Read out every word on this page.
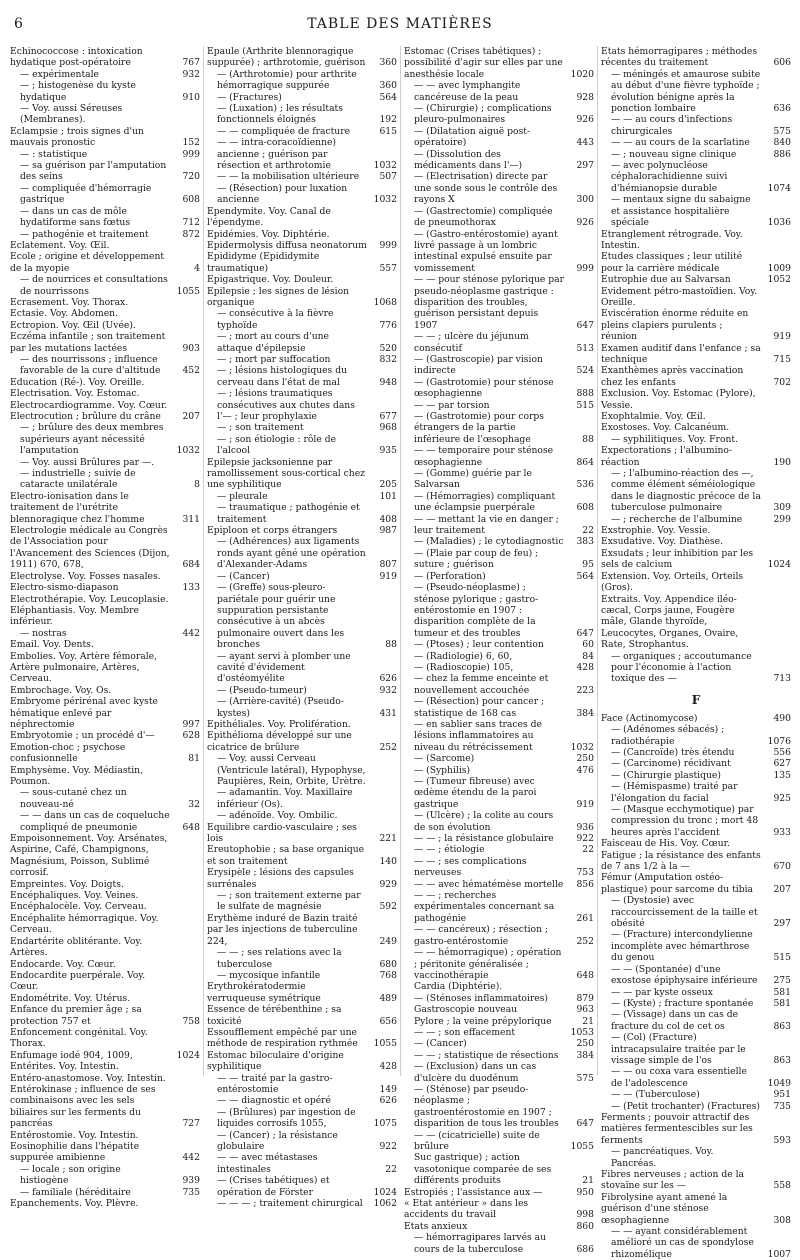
6	TABLE DES MATIÈRES
Echinococcose : intoxication hydatique post-opératoire	767
— expérimentale	932
— ; histogenèse du kyste hydatique	910
— Voy. aussi Séreuses (Membranes).
Eclampsie ; trois signes d'un mauvais pronostic	152
— : statistique	999
— sa guérison par l'amputation des seins	720
— compliquée d'hémorragie gastrique	608
— dans un cas de môle hydatiforme sans fœtus	712
— pathogénie et traitement	872
Eclatement. Voy. Œil.
Ecole ; origine et développement de la myopie	4
— de nourrices et consultations de nourrissons	1055
Ecrasement. Voy. Thorax.
Ectasie. Voy. Abdomen.
Ectropion. Voy. Œil (Uvée).
Eczéma infantile ; son traitement par les mutations lactées	903
— des nourrissons ; influence favorable de la cure d'altitude	452
Education (Ré-). Voy. Oreille.
Electrisation. Voy. Estomac.
Electrocardiogramme. Voy. Cœur.
Electrocution ; brûlure du crâne	207
— ; brûlure des deux membres supérieurs ayant nécessité l'amputation	1032
— Voy. aussi Brûlures par —.
— industrielle ; suivie de cataracte unilatérale	8
Electro-ionisation dans le traitement de l'urétrite blennoragique chez l'homme	311
Electrologie médicale au Congrès de l'Association pour l'Avancement des Sciences (Dijon, 1911) 670, 678,	684
Electrolyse. Voy. Fosses nasales.
Electro-sismo-diapason	133
Electrothérapie. Voy. Leucoplasie.
Eléphantiasis. Voy. Membre inférieur.
— nostras	442
Email. Voy. Dents.
Embolies. Voy. Artère fémorale, Artère pulmonaire, Artères, Cerveau.
Embrochage. Voy. Os.
Embryome périrénal avec kyste hématique enlevé par néphrectomie	997
Embryotomie ; un procédé d'—	628
Emotion-choc ; psychose confusionnelle	81
Emphysème. Voy. Médiastin, Poumon.
— sous-cutané chez un nouveau-né	32
— — dans un cas de coqueluche compliqué de pneumonie	648
Empoisonnement. Voy. Arsénates, Aspirine, Café, Champignons, Magnésium, Poisson, Sublimé corrosif.
Empreintes. Voy. Doigts.
Encéphaliques. Voy. Veines.
Encéphalocèle. Voy. Cerveau.
Encéphalite hémorragique. Voy. Cerveau.
Endartérite oblitérante. Voy. Artères.
Endocarde. Voy. Cœur.
Endocardite puerpérale. Voy. Cœur.
Endométrite. Voy. Utérus.
Enfance du premier âge ; sa protection 757 et	758
Enfoncement congénital. Voy. Thorax.
Enfumage iodé 904, 1009,	1024
Entérites. Voy. Intestin.
Entéro-anastomose. Voy. Intestin.
Entérokinase ; influence de ses combinaisons avec les sels biliaires sur les ferments du pancréas	727
Entérostomie. Voy. Intestin.
Eosinophilie dans l'hépatite suppurée amibienne	442
— locale ; son origine histiogène	939
— familiale (héréditaire	735
Epanchements. Voy. Plèvre.
Epaule (Arthrite blennoragique suppurée) ; arthrotomie, guérison	360
— (Arthrotomie) pour arthrite hémorragique suppurée	360
— (Fractures)	564
— (Luxation) ; les résultats fonctionnels éloignés	192
— — compliquée de fracture	615
— — intra-coracoïdienne) ancienne ; guérison par résection et arthrotomie	1032
— — la mobilisation ultérieure	507
— (Résection) pour luxation ancienne	1032
Ependymite. Voy. Canal de l'épendyme.
Epidémies. Voy. Diphtérie.
Epidermolysis diffusa neonatorum	999
Epididyme (Epididymite traumatique)	557
Epigastrique. Voy. Douleur.
Epilepsie ; les signes de lésion organique	1068
— consécutive à la fièvre typhoïde	776
— ; mort au cours d'une attaque d'épilepsie	520
— ; mort par suffocation	832
— ; lésions histologiques du cerveau dans l'état de mal	948
— ; lésions traumatiques consécutives aux chutes dans l'— ; leur prophylaxie	677
— ; son traitement	968
— ; son étiologie : rôle de l'alcool	935
Epilepsie jacksonienne par ramollissement sous-cortical chez une syphilitique	205
— pleurale	101
— traumatique ; pathogénie et traitement	408
Epiploon et corps étrangers	987
— (Adhérences) aux ligaments ronds ayant gêné une opération d'Alexander-Adams	807
— (Cancer)	919
— (Greffe) sous-pleuro-pariétale pour guérir une suppuration persistante consécutive à un abcès pulmonaire ouvert dans les bronches	88
— ayant servi à plomber une cavité d'évidement d'ostéomyélite	626
— (Pseudo-tumeur)	932
— (Arrière-cavité) (Pseudo-kystes)	431
Epithéliales. Voy. Prolifération.
Epithélioma développé sur une cicatrice de brûlure	252
— Voy. aussi Cerveau (Ventricule latéral), Hypophyse, Paupières, Rein, Orbite, Urètre.
— adamantin. Voy. Maxillaire inférieur (Os).
— adénoïde. Voy. Ombilic.
Equilibre cardio-vasculaire ; ses lois	221
Ereutophobie ; sa base organique et son traitement	140
Erysipèle ; lésions des capsules surrénales	929
— ; son traitement externe par le sulfate de magnésie	592
Erythème induré de Bazin traité par les injections de tuberculine 224,	249
— — ; ses relations avec la tuberculose	680
— mycosique infantile	768
Erythrokératodermie verruqueuse symétrique	489
Essence de térébenthine ; sa toxicité	656
Essoufflement empêché par une méthode de respiration rythmée	1055
Estomac biloculaire d'origine syphilitique	428
— — traité par la gastro-entérostomie	149
— — diagnostic et opéré	626
— (Brûlures) par ingestion de liquides corrosifs 1055,	1075
— (Cancer) ; la résistance globulaire	922
— — avec métastases intestinales	22
— (Crises tabétiques) et opération de Förster	1024
— — — ; traitement chirurgical	1062
Estomac (Crises tabétiques) ; possibilité d'agir sur elles par une anesthésie locale	1020
— — avec lymphangite cancéreuse de la peau	928
— (Chirurgie) ; complications pleuro-pulmonaires	926
— (Dilatation aiguë post-opératoire)	443
— (Dissolution des médicaments dans l'—)	297
— (Electrisation) directe par une sonde sous le contrôle des rayons X	300
— (Gastrectomie) compliquée de pneumothorax	926
— (Gastro-entérostomie) ayant livré passage à un lombric intestinal expulsé ensuite par vomissement	999
— — pour sténose pylorique par pseudo-néoplasme gastrique : disparition des troubles, guérison persistant depuis 1907	647
— — ; ulcère du jéjunum consécutif	513
— (Gastroscopie) par vision indirecte	524
— (Gastrotomie) pour sténose œsophagienne	888
— — par torsion	515
— (Gastrotomie) pour corps étrangers de la partie inférieure de l'œsophage	88
— — temporaire pour sténose œsophagienne	864
— (Gomme) guérie par le Salvarsan	536
— (Hémorragies) compliquant une éclampsie puerpérale	608
— — mettant la vie en danger ; leur traitement	22
— (Maladies) ; le cytodiagnostic	383
— (Plaie par coup de feu) ; suture ; guérison	95
— (Perforation)	564
— (Pseudo-néoplasme) ; sténose pylorique ; gastro-entérostomie en 1907 : disparition complète de la tumeur et des troubles	647
— (Ptoses) ; leur contention	60
— (Radiologie) 6, 60,	84
— (Radioscopie) 105,	428
— chez la femme enceinte et nouvellement accouchée	223
— (Résection) pour cancer ; statistique de 168 cas	384
— en sablier sans traces de lésions inflammatoires au niveau du rétrécissement	1032
— (Sarcome)	250
— (Syphilis)	476
— (Tumeur fibreuse) avec œdème étendu de la paroi gastrique	919
— (Ulcère) ; la colite au cours de son évolution	936
— — ; la résistance globulaire	922
— — ; étiologie	22
— — ; ses complications nerveuses	753
— — avec hématémèse mortelle	856
— — ; recherches expérimentales concernant sa pathogénie	261
— — cancéreux) ; résection ; gastro-entérostomie	252
— — hémorragique) ; opération ; péritonite généralisée ; vaccinothérapie	648
Cardia (Diphtérie).
— (Sténoses inflammatoires)	879
Gastroscopie nouveau	963
Pylore ; la veine prépylorique	21
— — ; son effacement	1053
— (Cancer)	250
— — ; statistique de résections	384
— (Exclusion) dans un cas d'ulcère du duodénum	575
— (Sténose) par pseudo-néoplasme ; gastroentérostomie en 1907 ; disparition de tous les troubles	647
— — (cicatricielle) suite de brûlure	1055
Suc gastrique) ; action vasotonique comparée de ses différents produits	21
Estropiés ; l'assistance aux —	950
« Etat antérieur » dans les accidents du travail	998
Etats anxieux	860
— hémorragipares larvés au cours de la tuberculose	686
Etats hémorragipares ; méthodes récentes du traitement	606
— méningés et amaurose subite au début d'une fièvre typhoïde ; évolution bénigne après la ponction lombaire	636
— — au cours d'infections chirurgicales	575
— — au cours de la scarlatine	840
— ; nouveau signe clinique	886
— avec polynucléose céphalorachidienne suivi d'hémianopsie durable	1074
— mentaux signe du sabaigne et assistance hospitalière spéciale	1036
Etranglement rétrograde. Voy. Intestin.
Etudes classiques ; leur utilité pour la carrière médicale	1009
Eutrophie due au Salvarsan	1052
Evidement pétro-mastoïdien. Voy. Oreille.
Eviscération énorme réduite en pleins clapiers purulents ; réunion	919
Examen auditif dans l'enfance ; sa technique	715
Exanthèmes après vaccination chez les enfants	702
Exclusion. Voy. Estomac (Pylore), Vessie.
Exophtalmie. Voy. Œil.
Exostoses. Voy. Calcanéum.
— syphilitiques. Voy. Front.
Expectorations ; l'albumino-réaction	190
— ; l'albumino-réaction des —, comme élément séméiologique dans le diagnostic précoce de la tuberculose pulmonaire	309
— ; recherche de l'albumine	299
Exstrophie. Voy. Vessie.
Exsudative. Voy. Diathèse.
Exsudats ; leur inhibition par les sels de calcium	1024
Extension. Voy. Orteils, Orteils (Gros).
Extraits. Voy. Appendice iléo-cæcal, Corps jaune, Fougère mâle, Glande thyroïde, Leucocytes, Organes, Ovaire, Rate, Strophantus.
— organiques ; accoutumance pour l'économie à l'action toxique des —	713
F
Face (Actinomycose)	490
— (Adénomes sébacés) ; radiothérapie	1076
— (Cancroïde) très étendu	556
— (Carcinome) récidivant	627
— (Chirurgie plastique)	135
— (Hémispasme) traité par l'élongation du facial	925
— (Masque ecchymotique) par compression du tronc ; mort 48 heures après l'accident	933
Faisceau de His. Voy. Cœur.
Fatigue ; la résistance des enfants de 7 ans 1/2 à la —	670
Fémur (Amputation ostéo-plastique) pour sarcome du tibia	207
— (Dystosie) avec raccourcissement de la taille et obésité	297
— (Fracture) intercondylienne incomplète avec hémarthrose du genou	515
— — (Spontanée) d'une exostose épiphysaire inférieure	275
— — par kyste osseux	581
— (Kyste) ; fracture spontanée	581
— (Vissage) dans un cas de fracture du col de cet os	863
— (Col) (Fracture) intracapsulaire traitée par le vissage simple de l'os	863
— — ou coxa vara essentielle de l'adolescence	1049
— — (Tuberculose)	951
— (Petit trochanter) (Fractures)	735
Ferments ; pouvoir attractif des matières fermentescibles sur les ferments	593
— pancréatiques. Voy. Pancréas.
Fibres nerveuses ; action de la stovaïne sur les —	558
Fibrolysine ayant amené la guérison d'une sténose œsophagienne	308
— — ayant considérablement amélioré un cas de spondylose rhizomélique	1007
